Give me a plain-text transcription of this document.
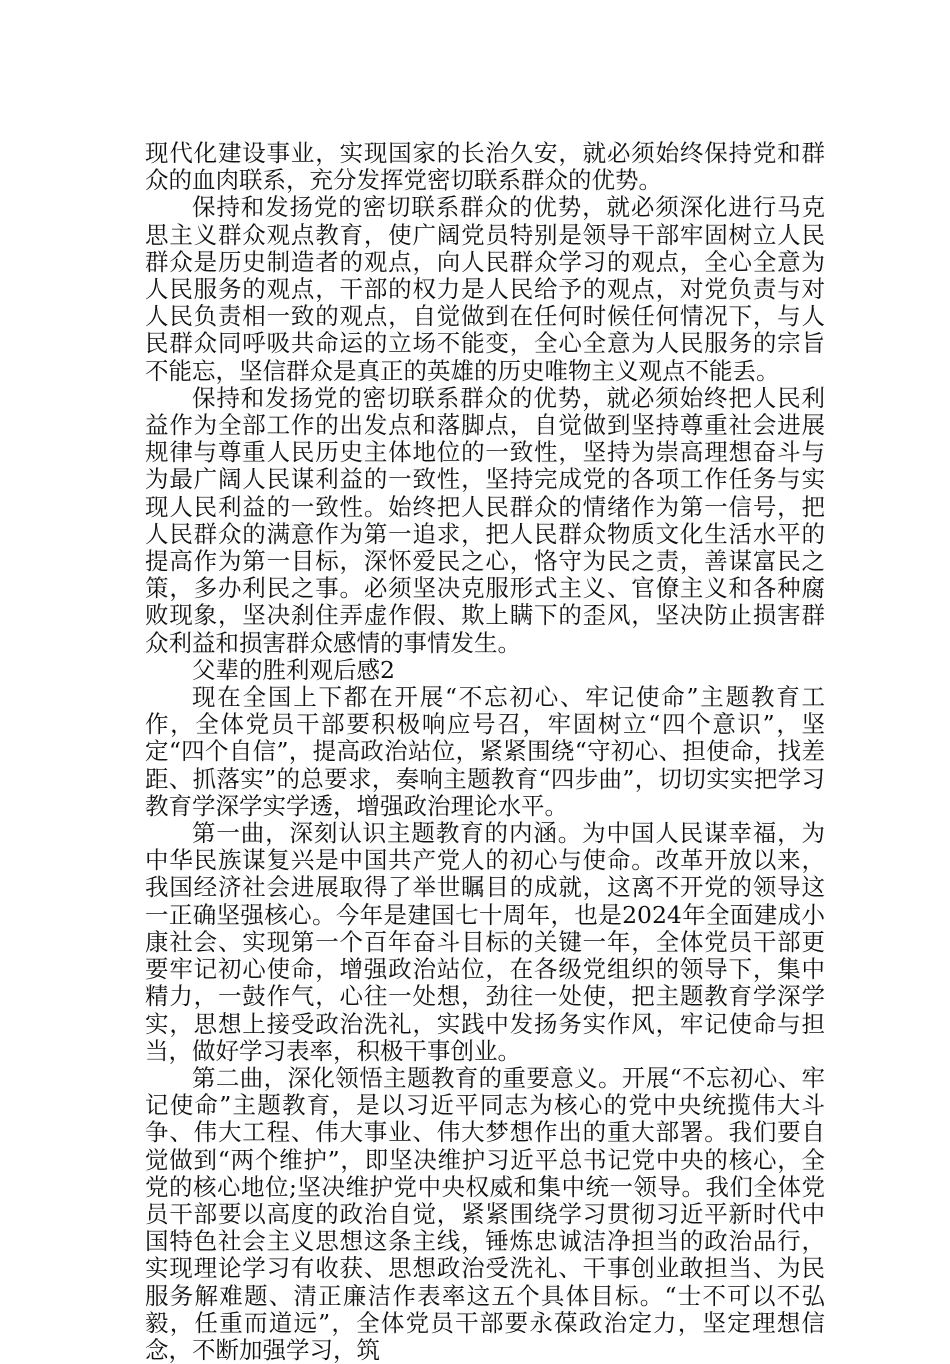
现代化建设事业，实现国家的长治久安，就必须始终保持党和群众的血肉联系，充分发挥党密切联系群众的优势。

保持和发扬党的密切联系群众的优势，就必须深化进行马克思主义群众观点教育，使广阔党员特别是领导干部牢固树立人民群众是历史制造者的观点，向人民群众学习的观点，全心全意为人民服务的观点，干部的权力是人民给予的观点，对党负责与对人民负责相一致的观点，自觉做到在任何时候任何情况下，与人民群众同呼吸共命运的立场不能变，全心全意为人民服务的宗旨不能忘，坚信群众是真正的英雄的历史唯物主义观点不能丢。

保持和发扬党的密切联系群众的优势，就必须始终把人民利益作为全部工作的出发点和落脚点，自觉做到坚持尊重社会进展规律与尊重人民历史主体地位的一致性，坚持为崇高理想奋斗与为最广阔人民谋利益的一致性，坚持完成党的各项工作任务与实现人民利益的一致性。始终把人民群众的情绪作为第一信号，把人民群众的满意作为第一追求，把人民群众物质文化生活水平的提高作为第一目标，深怀爱民之心，恪守为民之责，善谋富民之策，多办利民之事。必须坚决克服形式主义、官僚主义和各种腐败现象，坚决刹住弄虚作假、欺上瞒下的歪风，坚决防止损害群众利益和损害群众感情的事情发生。

父辈的胜利观后感2

现在全国上下都在开展“不忘初心、牢记使命”主题教育工作，全体党员干部要积极响应号召，牢固树立“四个意识”，坚定“四个自信”，提高政治站位，紧紧围绕“守初心、担使命，找差距、抓落实”的总要求，奏响主题教育“四步曲”，切切实实把学习教育学深学实学透，增强政治理论水平。

第一曲，深刻认识主题教育的内涵。为中国人民谋幸福，为中华民族谋复兴是中国共产党人的初心与使命。改革开放以来，我国经济社会进展取得了举世瞩目的成就，这离不开党的领导这一正确坚强核心。今年是建国七十周年，也是2024年全面建成小康社会、实现第一个百年奋斗目标的关键一年，全体党员干部更要牢记初心使命，增强政治站位，在各级党组织的领导下，集中精力，一鼓作气，心往一处想，劲往一处使，把主题教育学深学实，思想上接受政治洗礼，实践中发扬务实作风，牢记使命与担当，做好学习表率，积极干事创业。

第二曲，深化领悟主题教育的重要意义。开展“不忘初心、牢记使命”主题教育，是以习近平同志为核心的党中央统揽伟大斗争、伟大工程、伟大事业、伟大梦想作出的重大部署。我们要自觉做到“两个维护”，即坚决维护习近平总书记党中央的核心，全党的核心地位;坚决维护党中央权威和集中统一领导。我们全体党员干部要以高度的政治自觉，紧紧围绕学习贯彻习近平新时代中国特色社会主义思想这条主线，锤炼忠诚洁净担当的政治品行，实现理论学习有收获、思想政治受洗礼、干事创业敢担当、为民服务解难题、清正廉洁作表率这五个具体目标。“士不可以不弘毅，任重而道远”，全体党员干部要永葆政治定力，坚定理想信念，不断加强学习，筑
